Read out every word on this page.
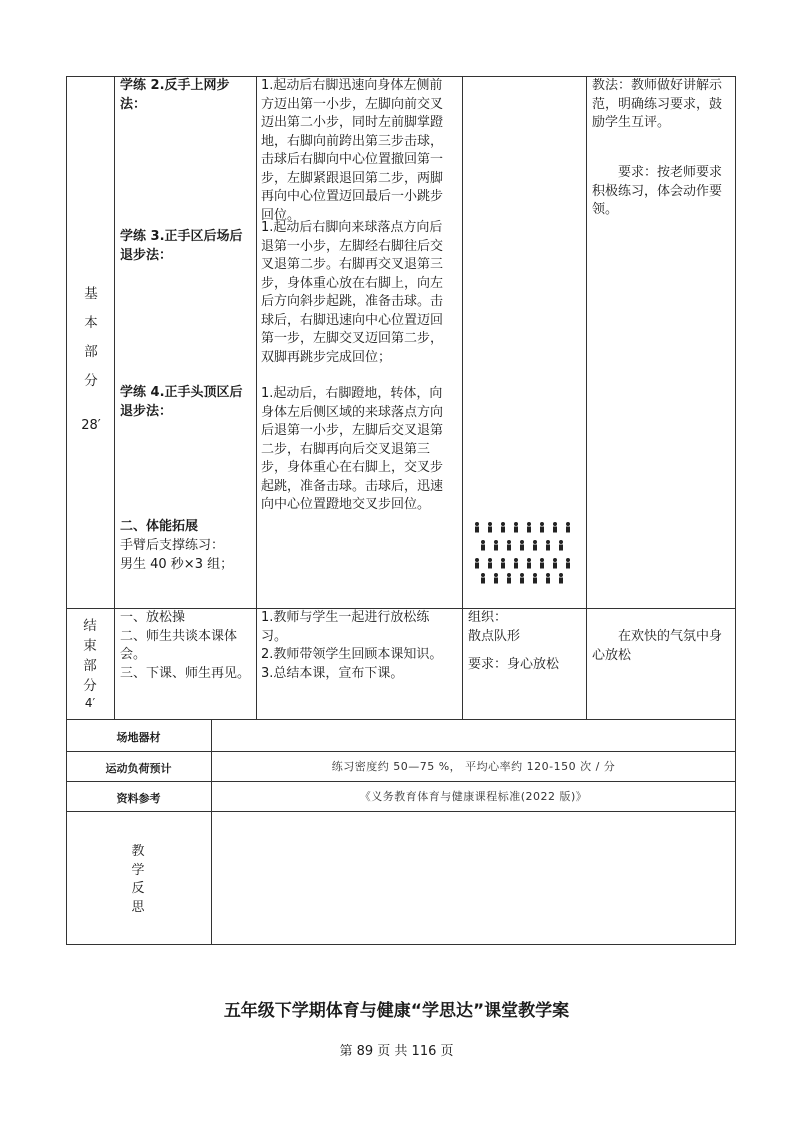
基
本
部
分
28′
学练 2.反手上网步法：
学练 3.正手区后场后退步法：
学练 4.正手头顶区后退步法：
二、体能拓展
手臂后支撑练习：
男生 40 秒×3 组；
1.起动后右脚迅速向身体左侧前方迈出第一小步，左脚向前交叉迈出第二小步，同时左前脚掌蹬地，右脚向前跨出第三步击球，击球后右脚向中心位置撤回第一步，左脚紧跟退回第二步，两脚再向中心位置迈回最后一小跳步回位。
1.起动后右脚向来球落点方向后退第一小步，左脚经右脚往后交叉退第二步。右脚再交叉退第三步，身体重心放在右脚上，向左后方向斜步起跳，准备击球。击球后，右脚迅速向中心位置迈回第一步，左脚交叉迈回第二步，双脚再跳步完成回位；
1.起动后，右脚蹬地，转体，向身体左后侧区域的来球落点方向后退第一小步，左脚后交叉退第二步，右脚再向后交叉退第三步，身体重心在右脚上，交叉步起跳，准备击球。击球后，迅速向中心位置蹬地交叉步回位。
教法：教师做好讲解示范，明确练习要求，鼓励学生互评。
要求：按老师要求积极练习，体会动作要领。
结
束
部
分
4′
一、放松操
二、师生共谈本课体会。
三、下课、师生再见。
1.教师与学生一起进行放松练习。
2.教师带领学生回顾本课知识。
3.总结本课，宣布下课。
组织：
散点队形
要求：身心放松
在欢快的气氛中身心放松
场地器材
运动负荷预计	练习密度约 50—75 %， 平均心率约 120-150 次 / 分
资料参考	《义务教育体育与健康课程标准(2022 版)》
教
学
反
思
五年级下学期体育与健康“学思达”课堂教学案
第 89 页 共 116 页
